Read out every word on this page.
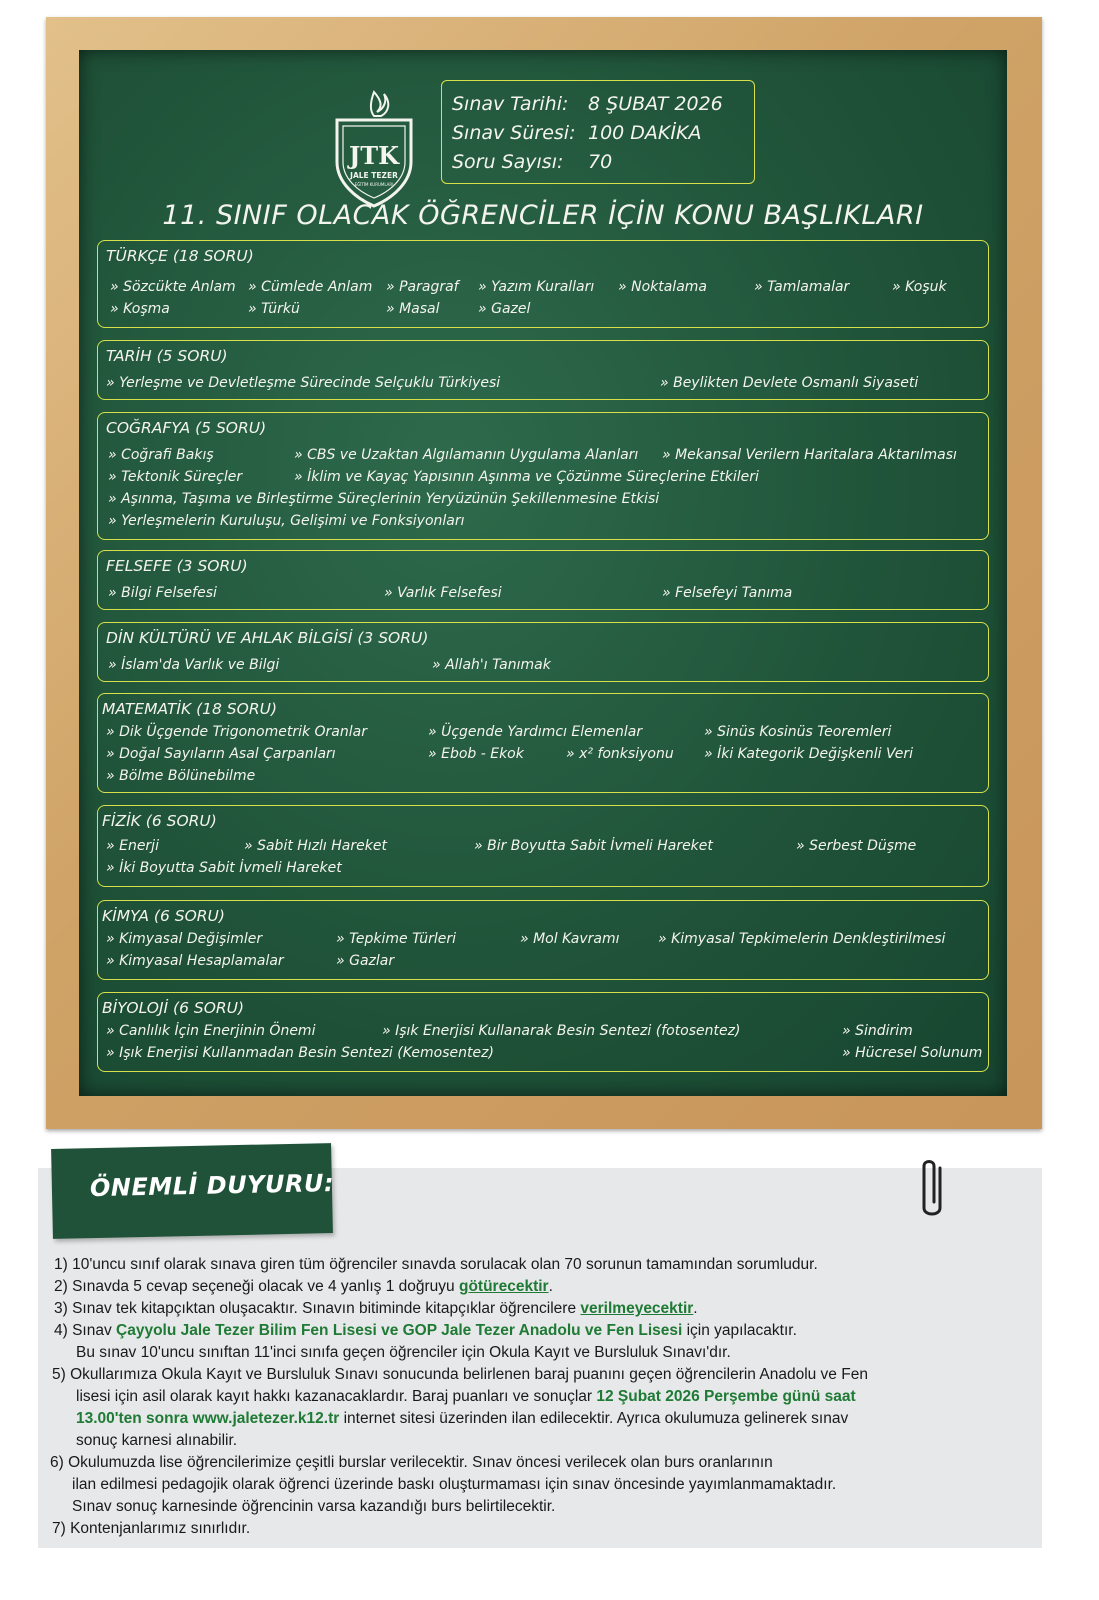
JTK
JALE TEZER
EĞİTİM KURUMLARI
Sınav Tarihi: 8 ŞUBAT 2026
Sınav Süresi: 100 DAKİKA
Soru Sayısı: 70
11. SINIF OLACAK ÖĞRENCİLER İÇİN KONU BAŞLIKLARI
TÜRKÇE (18 SORU)
» Sözcükte Anlam	» Cümlede Anlam	» Paragraf	» Yazım Kuralları	» Noktalama	» Tamlamalar	» Koşuk
» Koşma	» Türkü	» Masal	» Gazel
TARİH (5 SORU)
» Yerleşme ve Devletleşme Sürecinde Selçuklu Türkiyesi	» Beylikten Devlete Osmanlı Siyaseti
COĞRAFYA (5 SORU)
» Coğrafi Bakış	» CBS ve Uzaktan Algılamanın Uygulama Alanları	» Mekansal Verilern Haritalara Aktarılması
» Tektonik Süreçler	» İklim ve Kayaç Yapısının Aşınma ve Çözünme Süreçlerine Etkileri
» Aşınma, Taşıma ve Birleştirme Süreçlerinin Yeryüzünün Şekillenmesine Etkisi
» Yerleşmelerin Kuruluşu, Gelişimi ve Fonksiyonları
FELSEFE (3 SORU)
» Bilgi Felsefesi	» Varlık Felsefesi	» Felsefeyi Tanıma
DİN KÜLTÜRÜ VE AHLAK BİLGİSİ (3 SORU)
» İslam'da Varlık ve Bilgi	» Allah'ı Tanımak
MATEMATİK (18 SORU)
» Dik Üçgende Trigonometrik Oranlar	» Üçgende Yardımcı Elemenlar	» Sinüs Kosinüs Teoremleri
» Doğal Sayıların Asal Çarpanları	» Ebob - Ekok	» x² fonksiyonu	» İki Kategorik Değişkenli Veri
» Bölme Bölünebilme
FİZİK (6 SORU)
» Enerji	» Sabit Hızlı Hareket	» Bir Boyutta Sabit İvmeli Hareket	» Serbest Düşme
» İki Boyutta Sabit İvmeli Hareket
KİMYA (6 SORU)
» Kimyasal Değişimler	» Tepkime Türleri	» Mol Kavramı	» Kimyasal Tepkimelerin Denkleştirilmesi
» Kimyasal Hesaplamalar	» Gazlar
BİYOLOJİ (6 SORU)
» Canlılık İçin Enerjinin Önemi	» Işık Enerjisi Kullanarak Besin Sentezi (fotosentez)	» Sindirim
» Işık Enerjisi Kullanmadan Besin Sentezi (Kemosentez)	» Hücresel Solunum
ÖNEMLİ DUYURU:
1) 10'uncu sınıf olarak sınava giren tüm öğrenciler sınavda sorulacak olan 70 sorunun tamamından sorumludur.
2) Sınavda 5 cevap seçeneği olacak ve 4 yanlış 1 doğruyu götürecektir.
3) Sınav tek kitapçıktan oluşacaktır. Sınavın bitiminde kitapçıklar öğrencilere verilmeyecektir.
4) Sınav Çayyolu Jale Tezer Bilim Fen Lisesi ve GOP Jale Tezer Anadolu ve Fen Lisesi için yapılacaktır.
Bu sınav 10'uncu sınıftan 11'inci sınıfa geçen öğrenciler için Okula Kayıt ve Bursluluk Sınavı'dır.
5) Okullarımıza Okula Kayıt ve Bursluluk Sınavı sonucunda belirlenen baraj puanını geçen öğrencilerin Anadolu ve Fen
lisesi için asil olarak kayıt hakkı kazanacaklardır. Baraj puanları ve sonuçlar 12 Şubat 2026 Perşembe günü saat
13.00'ten sonra www.jaletezer.k12.tr internet sitesi üzerinden ilan edilecektir. Ayrıca okulumuza gelinerek sınav
sonuç karnesi alınabilir.
6) Okulumuzda lise öğrencilerimize çeşitli burslar verilecektir. Sınav öncesi verilecek olan burs oranlarının
ilan edilmesi pedagojik olarak öğrenci üzerinde baskı oluşturmaması için sınav öncesinde yayımlanmamaktadır.
Sınav sonuç karnesinde öğrencinin varsa kazandığı burs belirtilecektir.
7) Kontenjanlarımız sınırlıdır.
